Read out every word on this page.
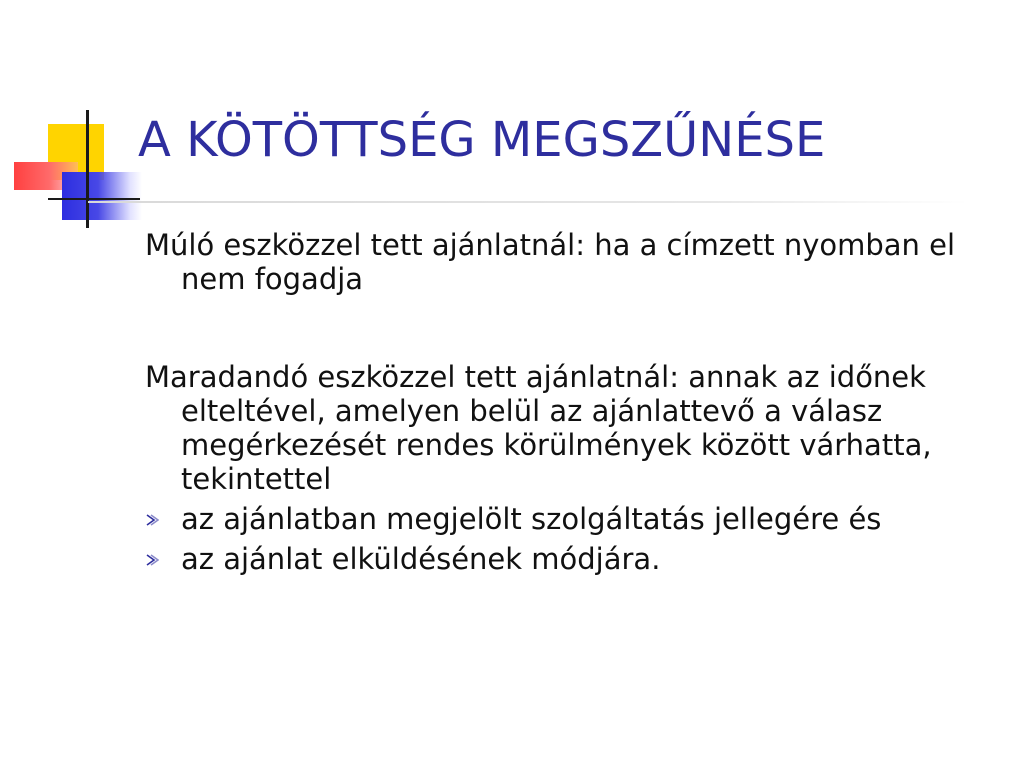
A KÖTÖTTSÉG MEGSZŰNÉSE

Múló eszközzel tett ajánlatnál: ha a címzett nyomban el nem fogadja

Maradandó eszközzel tett ajánlatnál: annak az időnek elteltével, amelyen belül az ajánlattevő a válasz megérkezését rendes körülmények között várhatta, tekintettel

az ajánlatban megjelölt szolgáltatás jellegére és
az ajánlat elküldésének módjára.
